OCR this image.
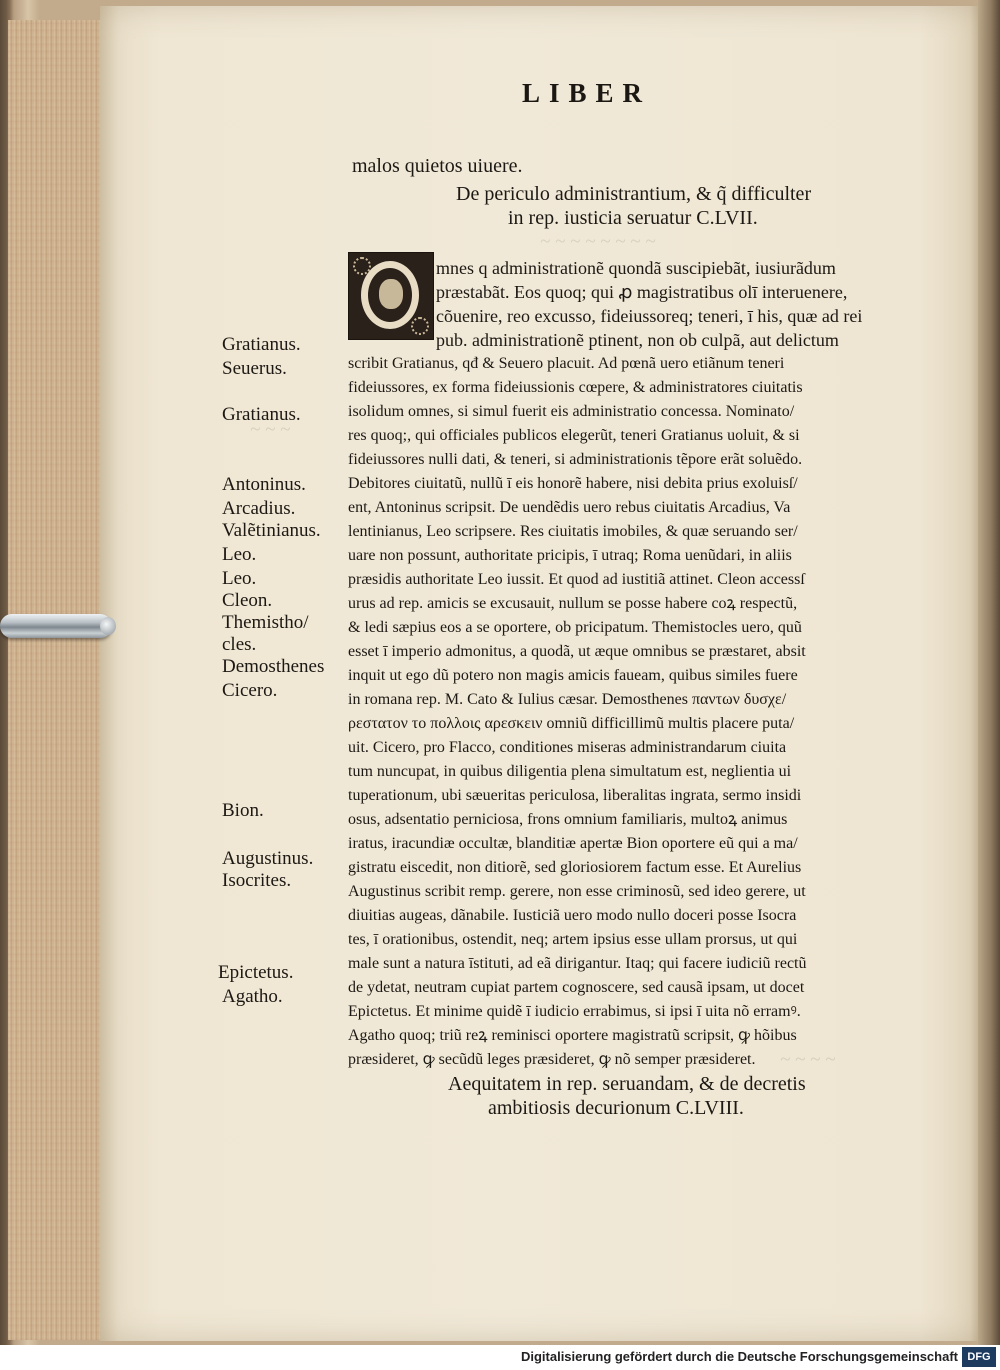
~ ~ ~ ~ ~ ~ ~ ~
~ ~ ~
~ ~ ~ ~
LIBER
malos quietos uiuere.
De periculo administrantium, & q̃ difficulter
in rep. iusticia seruatur C.LVII.
mnes q administrationẽ quondã suscipiebãt, iusiurãdum
præstabãt. Eos quoq; qui ꝓ magistratibus olī interuenere,
cõuenire, reo excusso, fideiussoreq; teneri, ī his, quæ ad rei
pub. administrationẽ ptinent, non ob culpã, aut delictum
scribit Gratianus, qđ & Seuero placuit. Ad pœnã uero etiãnum teneri
fideiussores, ex forma fideiussionis cœpere, & administratores ciuitatis
isolidum omnes, si simul fuerit eis administratio concessa. Nominato/
res quoq;, qui officiales publicos elegerũt, teneri Gratianus uoluit, & si
fideiussores nulli dati, & teneri, si administrationis tẽpore erãt soluẽdo.
Debitores ciuitatũ, nullũ ī eis honorẽ habere, nisi debita prius exoluisſ/
ent, Antoninus scripsit. De uendẽdis uero rebus ciuitatis Arcadius, Va
lentinianus, Leo scripsere. Res ciuitatis imobiles, & quæ seruando ser/
uare non possunt, authoritate pricipis, ī utraq; Roma uenũdari, in aliis
præsidis authoritate Leo iussit. Et quod ad iustitiã attinet. Cleon accessſ
urus ad rep. amicis se excusauit, nullum se posse habere coꝝ respectũ,
& ledi sæpius eos a se oportere, ob pricipatum. Themistocles uero, quũ
esset ī imperio admonitus, a quodã, ut æque omnibus se præstaret, absit
inquit ut ego dũ potero non magis amicis faueam, quibus similes fuere
in romana rep. M. Cato & Iulius cæsar. Demosthenes παντων δυσχε/
ρεστατον το πολλοις αρεσκειν omniũ difficillimũ multis placere puta/
uit. Cicero, pro Flacco, conditiones miseras administrandarum ciuita
tum nuncupat, in quibus diligentia plena simultatum est, neglientia ui
tuperationum, ubi sæueritas periculosa, liberalitas ingrata, sermo insidi
osus, adsentatio perniciosa, frons omnium familiaris, multoꝝ animus
iratus, iracundiæ occultæ, blanditiæ apertæ Bion oportere eũ qui a ma/
gistratu eiscedit, non ditiorẽ, sed gloriosiorem factum esse. Et Aurelius
Augustinus scribit remp. gerere, non esse criminosũ, sed ideo gerere, ut
diuitias augeas, dãnabile. Iusticiã uero modo nullo doceri posse Isocra
tes, ī orationibus, ostendit, neq; artem ipsius esse ullam prorsus, ut qui
male sunt a natura īstituti, ad eã dirigantur. Itaq; qui facere iudiciũ rectũ
de ydetat, neutram cupiat partem cognoscere, sed causã ipsam, ut docet
Epictetus. Et minime quidẽ ī iudicio errabimus, si ipsi ī uita nõ erramꝰ.
Agatho quoq; triũ reꝝ reminisci oportere magistratũ scripsit, ꝙ hõibus
præsideret, ꝙ secũdũ leges præsideret, ꝙ nõ semper præsideret.
Aequitatem in rep. seruandam, & de decretis
ambitiosis decurionum C.LVIII.
Gratianus.
Seuerus.
Gratianus.
Antoninus.
Arcadius.
Valẽtinianus.
Leo.
Leo.
Cleon.
Themistho/
cles.
Demosthenes
Cicero.
Bion.
Augustinus.
Isocrites.
Epictetus.
Agatho.
Digitalisierung gefördert durch die Deutsche Forschungsgemeinschaft DFG
